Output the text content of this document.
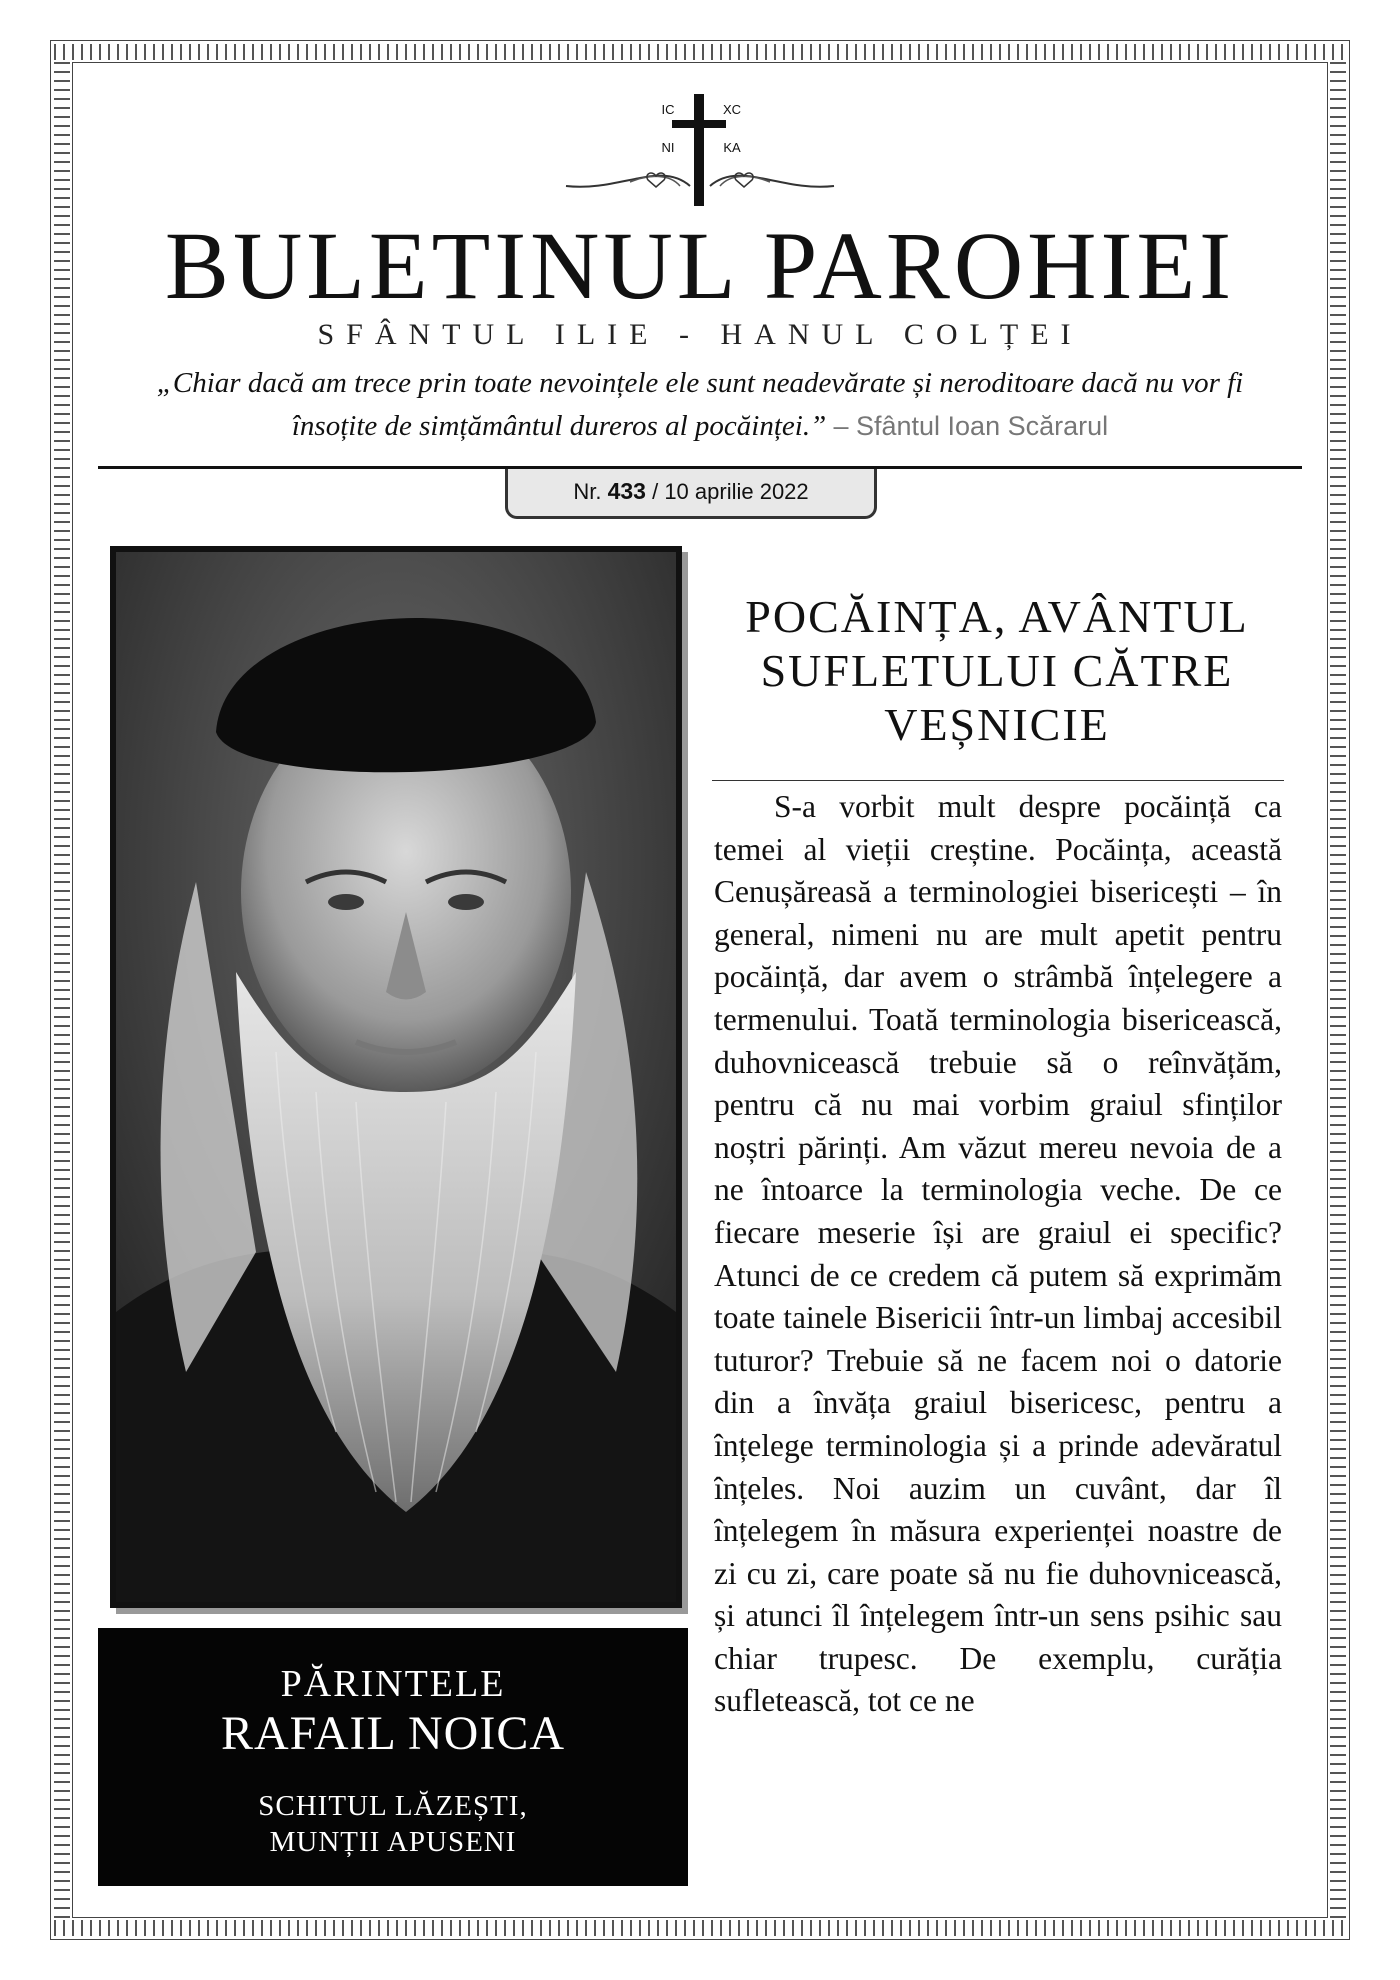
IC	XC
NI	KA
BULETINUL PAROHIEI
SFÂNTUL ILIE - HANUL COLȚEI
„Chiar dacă am trece prin toate nevoințele ele sunt neadevărate și neroditoare dacă nu vor fi însoțite de simțământul dureros al pocăinței.” – Sfântul Ioan Scărarul
Nr. 433 / 10 aprilie 2022
PĂRINTELE
RAFAIL NOICA
SCHITUL LĂZEȘTI,
MUNȚII APUSENI
POCĂINȚA, AVÂNTUL SUFLETULUI CĂTRE VEȘNICIE

S-a vorbit mult despre pocăință ca temei al vieții creștine. Pocăința, această Cenușăreasă a terminologiei bisericești – în general, nimeni nu are mult apetit pentru pocăință, dar avem o strâmbă înțelegere a termenului. Toată terminologia bisericească, duhovnicească trebuie să o reînvățăm, pentru că nu mai vorbim graiul sfinților noștri părinți. Am văzut mereu nevoia de a ne întoarce la terminologia veche. De ce fiecare meserie își are graiul ei specific? Atunci de ce credem că putem să exprimăm toate tainele Bisericii într-un limbaj accesibil tuturor? Trebuie să ne facem noi o datorie din a învăța graiul bisericesc, pentru a înțelege terminologia și a prinde adevăratul înțeles. Noi auzim un cuvânt, dar îl înțelegem în măsura experienței noastre de zi cu zi, care poate să nu fie duhovnicească, și atunci îl înțelegem într-un sens psihic sau chiar trupesc. De exemplu, curăția sufletească, tot ce ne
